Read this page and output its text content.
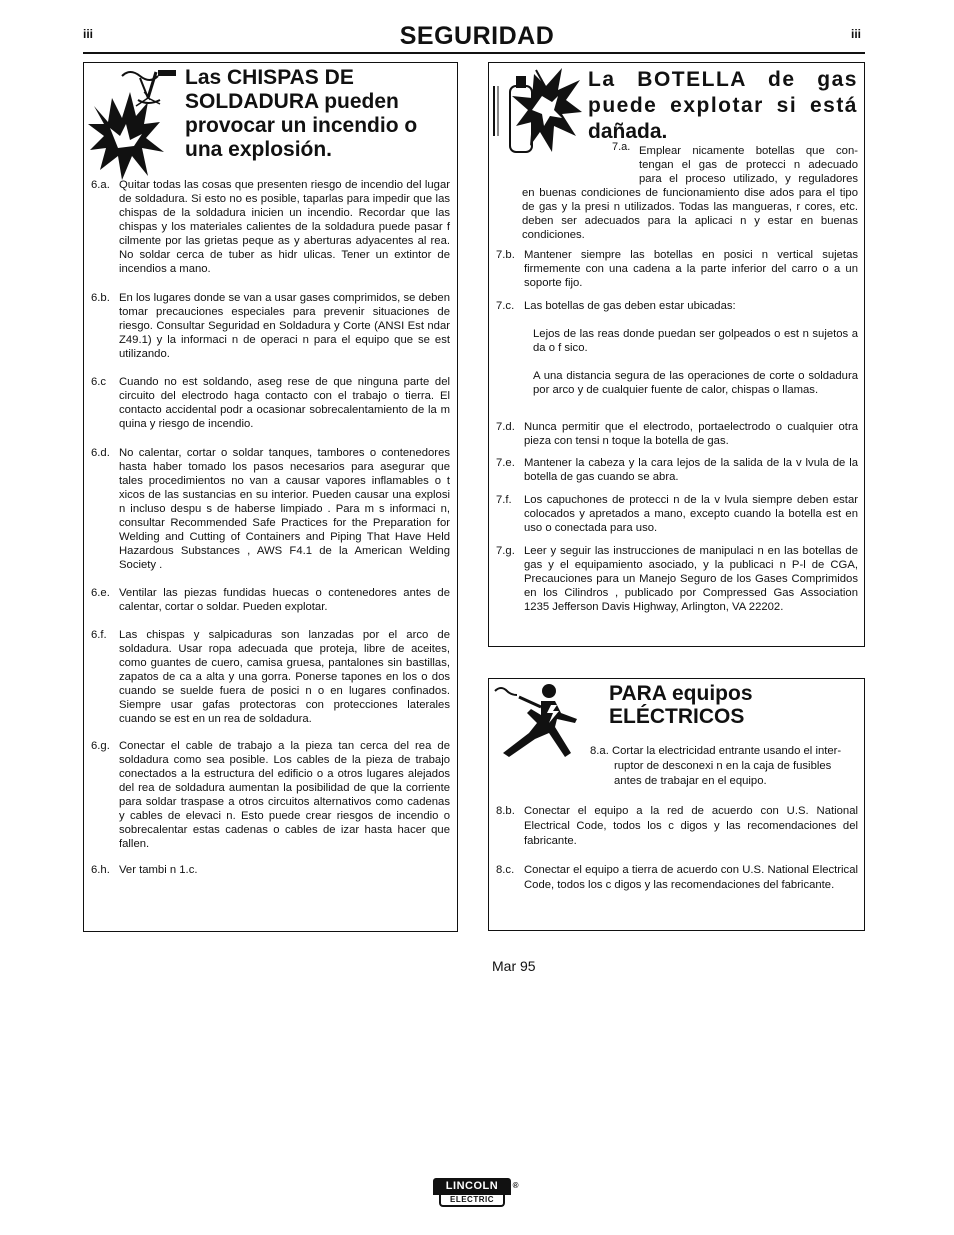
iii	iii
SEGURIDAD
Las CHISPAS DE
SOLDADURA pueden
provocar un incendio o
una explosión.
6.a. Quitar todas las cosas que presenten riesgo de incendio del lugar de soldadura. Si esto no es posible, taparlas para impedir que las chispas de la soldadura inicien un incendio. Recordar que las chispas y los materiales calientes de la soldadura puede pasar f cilmente por las grietas peque as y aberturas adyacentes al rea. No soldar cerca de tuber as hidr ulicas. Tener un extintor de incendios a mano.
6.b. En los lugares donde se van a usar gases comprimidos, se deben tomar precauciones especiales para prevenir situaciones de riesgo. Consultar Seguridad en Soldadura y Corte (ANSI Est ndar Z49.1) y la informaci n de operaci n para el equipo que se est utilizando.
6.c Cuando no est soldando, aseg rese de que ninguna parte del circuito del electrodo haga contacto con el trabajo o tierra. El contacto accidental podr a ocasionar sobrecalentamiento de la m quina y riesgo de incendio.
6.d. No calentar, cortar o soldar tanques, tambores o contenedores hasta haber tomado los pasos necesarios para asegurar que tales procedimientos no van a causar vapores inflamables o t xicos de las sustancias en su interior. Pueden causar una explosi n incluso despu s de haberse limpiado . Para m s informaci n, consultar Recommended Safe Practices for the Preparation for Welding and Cutting of Containers and Piping That Have Held Hazardous Substances , AWS F4.1 de la American Welding Society .
6.e. Ventilar las piezas fundidas huecas o contenedores antes de calentar, cortar o soldar. Pueden explotar.
6.f. Las chispas y salpicaduras son lanzadas por el arco de soldadura. Usar ropa adecuada que proteja, libre de aceites, como guantes de cuero, camisa gruesa, pantalones sin bastillas, zapatos de ca a alta y una gorra. Ponerse tapones en los o dos cuando se suelde fuera de posici n o en lugares confinados. Siempre usar gafas protectoras con protecciones laterales cuando se est en un rea de soldadura.
6.g. Conectar el cable de trabajo a la pieza tan cerca del rea de soldadura como sea posible. Los cables de la pieza de trabajo conectados a la estructura del edificio o a otros lugares alejados del rea de soldadura aumentan la posibilidad de que la corriente para soldar traspase a otros circuitos alternativos como cadenas y cables de elevaci n. Esto puede crear riesgos de incendio o sobrecalentar estas cadenas o cables de izar hasta hacer que fallen.
6.h. Ver tambi n 1.c.
La BOTELLA de gas
puede explotar si está
dañada.
7.a. Emplear nicamente botellas que con-
tengan el gas de protecci n adecuado
para el proceso utilizado, y reguladores
en buenas condiciones de funcionamiento dise ados para el tipo de gas y la presi n utilizados. Todas las mangueras, r cores, etc. deben ser adecuados para la aplicaci n y estar en buenas condiciones.
7.b. Mantener siempre las botellas en posici n vertical sujetas firmemente con una cadena a la parte inferior del carro o a un soporte fijo.
7.c. Las botellas de gas deben estar ubicadas:
Lejos de las reas donde puedan ser golpeados o est n sujetos a da o f sico.
A una distancia segura de las operaciones de corte o soldadura por arco y de cualquier fuente de calor, chispas o llamas.
7.d. Nunca permitir que el electrodo, portaelectrodo o cualquier otra pieza con tensi n toque la botella de gas.
7.e. Mantener la cabeza y la cara lejos de la salida de la v lvula de la botella de gas cuando se abra.
7.f. Los capuchones de protecci n de la v lvula siempre deben estar colocados y apretados a mano, excepto cuando la botella est en uso o conectada para uso.
7.g. Leer y seguir las instrucciones de manipulaci n en las botellas de gas y el equipamiento asociado, y la publicaci n P-l de CGA, Precauciones para un Manejo Seguro de los Gases Comprimidos en los Cilindros , publicado por Compressed Gas Association 1235 Jefferson Davis Highway, Arlington, VA 22202.
PARA equipos
ELÉCTRICOS
8.a. Cortar la electricidad entrante usando el inter-
ruptor de desconexi n en la caja de fusibles
antes de trabajar en el equipo.
8.b. Conectar el equipo a la red de acuerdo con U.S. National Electrical Code, todos los c digos y las recomendaciones del fabricante.
8.c. Conectar el equipo a tierra de acuerdo con U.S. National Electrical Code, todos los c digos y las recomendaciones del fabricante.
Mar 95
LINCOLN ®
ELECTRIC
